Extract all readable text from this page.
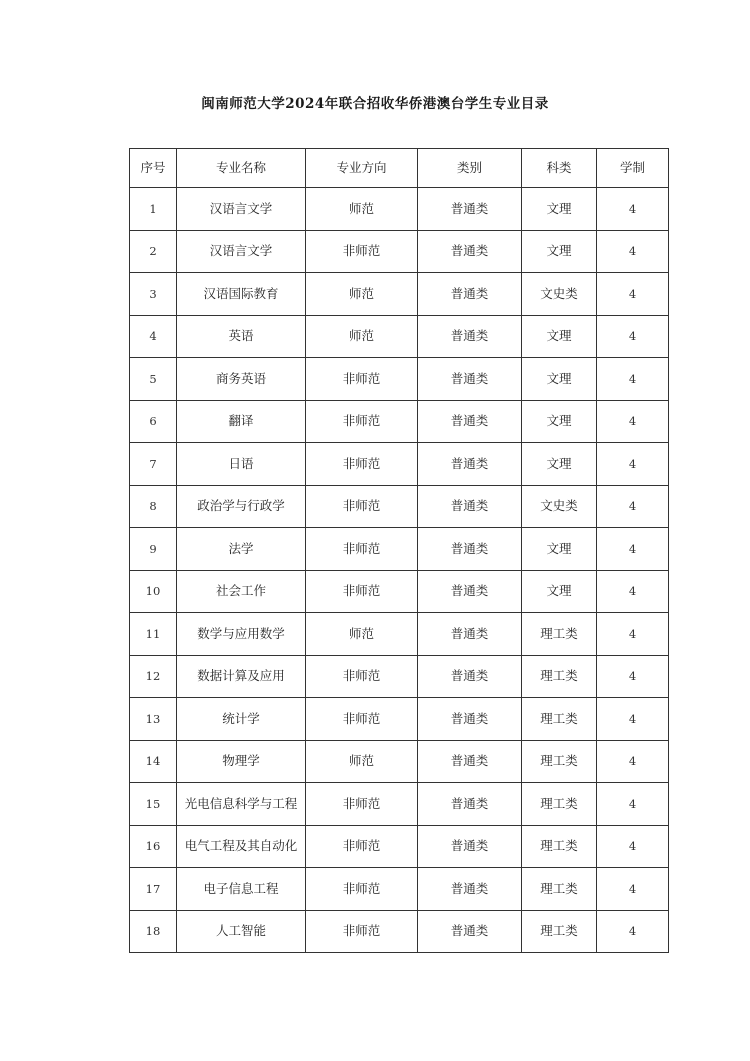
闽南师范大学2024年联合招收华侨港澳台学生专业目录
序号	专业名称	专业方向	类别	科类	学制
1	汉语言文学	师范	普通类	文理	4
2	汉语言文学	非师范	普通类	文理	4
3	汉语国际教育	师范	普通类	文史类	4
4	英语	师范	普通类	文理	4
5	商务英语	非师范	普通类	文理	4
6	翻译	非师范	普通类	文理	4
7	日语	非师范	普通类	文理	4
8	政治学与行政学	非师范	普通类	文史类	4
9	法学	非师范	普通类	文理	4
10	社会工作	非师范	普通类	文理	4
11	数学与应用数学	师范	普通类	理工类	4
12	数据计算及应用	非师范	普通类	理工类	4
13	统计学	非师范	普通类	理工类	4
14	物理学	师范	普通类	理工类	4
15	光电信息科学与工程	非师范	普通类	理工类	4
16	电气工程及其自动化	非师范	普通类	理工类	4
17	电子信息工程	非师范	普通类	理工类	4
18	人工智能	非师范	普通类	理工类	4
